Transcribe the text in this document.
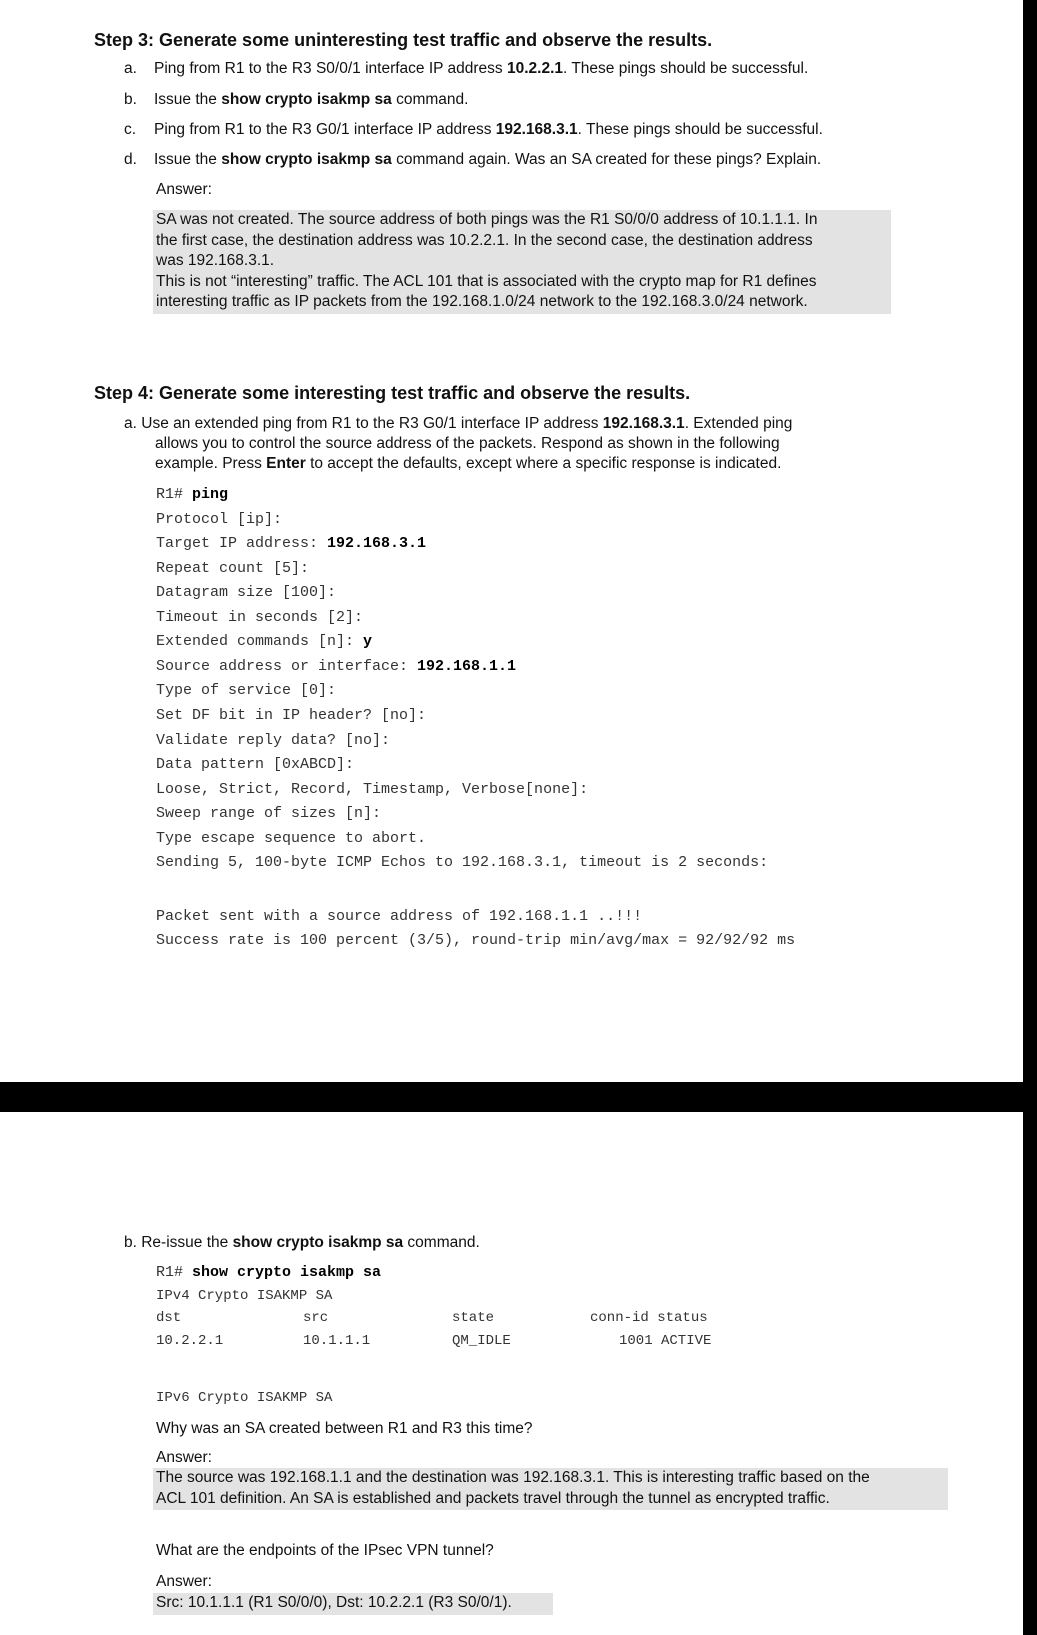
Step 3: Generate some uninteresting test traffic and observe the results.
a.	Ping from R1 to the R3 S0/0/1 interface IP address 10.2.2.1. These pings should be successful.
b.	Issue the show crypto isakmp sa command.
c.	Ping from R1 to the R3 G0/1 interface IP address 192.168.3.1. These pings should be successful.
d.	Issue the show crypto isakmp sa command again. Was an SA created for these pings? Explain.
Answer:

SA was not created. The source address of both pings was the R1 S0/0/0 address of 10.1.1.1. In

the first case, the destination address was 10.2.2.1. In the second case, the destination address

was 192.168.3.1.

This is not “interesting” traffic. The ACL 101 that is associated with the crypto map for R1 defines

interesting traffic as IP packets from the 192.168.1.0/24 network to the 192.168.3.0/24 network.

Step 4: Generate some interesting test traffic and observe the results.
a. Use an extended ping from R1 to the R3 G0/1 interface IP address 192.168.3.1. Extended ping
allows you to control the source address of the packets. Respond as shown in the following
example. Press Enter to accept the defaults, except where a specific response is indicated.
R1# ping
Protocol [ip]:
Target IP address: 192.168.3.1
Repeat count [5]:
Datagram size [100]:
Timeout in seconds [2]:
Extended commands [n]: y
Source address or interface: 192.168.1.1
Type of service [0]:
Set DF bit in IP header? [no]:
Validate reply data? [no]:
Data pattern [0xABCD]:
Loose, Strict, Record, Timestamp, Verbose[none]:
Sweep range of sizes [n]:
Type escape sequence to abort.
Sending 5, 100-byte ICMP Echos to 192.168.3.1, timeout is 2 seconds:
Packet sent with a source address of 192.168.1.1 ..!!!
Success rate is 100 percent (3/5), round-trip min/avg/max = 92/92/92 ms
b. Re-issue the show crypto isakmp sa command.
R1# show crypto isakmp sa
IPv4 Crypto ISAKMP SA
dst	src	state	conn-id status
10.2.2.1	10.1.1.1	QM_IDLE	1001 ACTIVE
IPv6 Crypto ISAKMP SA
Why was an SA created between R1 and R3 this time?
Answer:

The source was 192.168.1.1 and the destination was 192.168.3.1. This is interesting traffic based on the

ACL 101 definition. An SA is established and packets travel through the tunnel as encrypted traffic.

What are the endpoints of the IPsec VPN tunnel?
Answer:

Src: 10.1.1.1 (R1 S0/0/0), Dst: 10.2.2.1 (R3 S0/0/1).
